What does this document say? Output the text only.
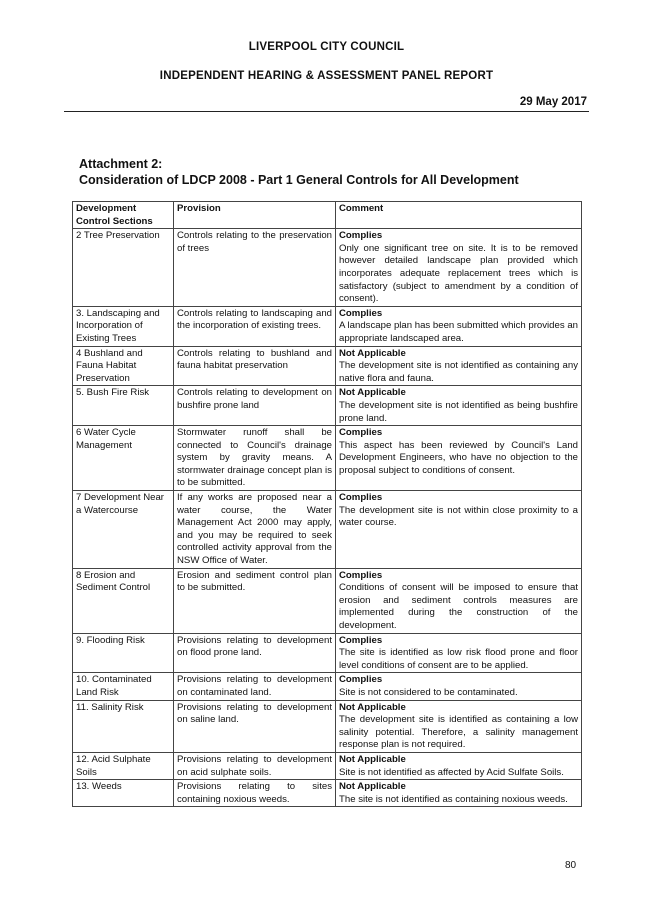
LIVERPOOL CITY COUNCIL
INDEPENDENT HEARING & ASSESSMENT PANEL REPORT
29 May 2017
Attachment 2:
Consideration of LDCP 2008 - Part 1 General Controls for All Development
Development Control Sections	Provision	Comment
2 Tree Preservation	Controls relating to the preservation of trees	Complies
Only one significant tree on site. It is to be removed however detailed landscape plan provided which incorporates adequate replacement trees which is satisfactory (subject to amendment by a condition of consent).
3. Landscaping and Incorporation of Existing Trees	Controls relating to landscaping and the incorporation of existing trees.	Complies
A landscape plan has been submitted which provides an appropriate landscaped area.
4 Bushland and Fauna Habitat Preservation	Controls relating to bushland and fauna habitat preservation	Not Applicable
The development site is not identified as containing any native flora and fauna.
5. Bush Fire Risk	Controls relating to development on bushfire prone land	Not Applicable
The development site is not identified as being bushfire prone land.
6 Water Cycle Management	Stormwater runoff shall be connected to Council's drainage system by gravity means. A stormwater drainage concept plan is to be submitted.	Complies
This aspect has been reviewed by Council's Land Development Engineers, who have no objection to the proposal subject to conditions of consent.
7 Development Near a Watercourse	If any works are proposed near a water course, the Water Management Act 2000 may apply, and you may be required to seek controlled activity approval from the NSW Office of Water.	Complies
The development site is not within close proximity to a water course.
8 Erosion and Sediment Control	Erosion and sediment control plan to be submitted.	Complies
Conditions of consent will be imposed to ensure that erosion and sediment controls measures are implemented during the construction of the development.
9. Flooding Risk	Provisions relating to development on flood prone land.	Complies
The site is identified as low risk flood prone and floor level conditions of consent are to be applied.
10. Contaminated Land Risk	Provisions relating to development on contaminated land.	Complies
Site is not considered to be contaminated.
11. Salinity Risk	Provisions relating to development on saline land.	Not Applicable
The development site is identified as containing a low salinity potential. Therefore, a salinity management response plan is not required.
12. Acid Sulphate Soils	Provisions relating to development on acid sulphate soils.	Not Applicable
Site is not identified as affected by Acid Sulfate Soils.
13. Weeds	Provisions relating to sites containing noxious weeds.	Not Applicable
The site is not identified as containing noxious weeds.
80
